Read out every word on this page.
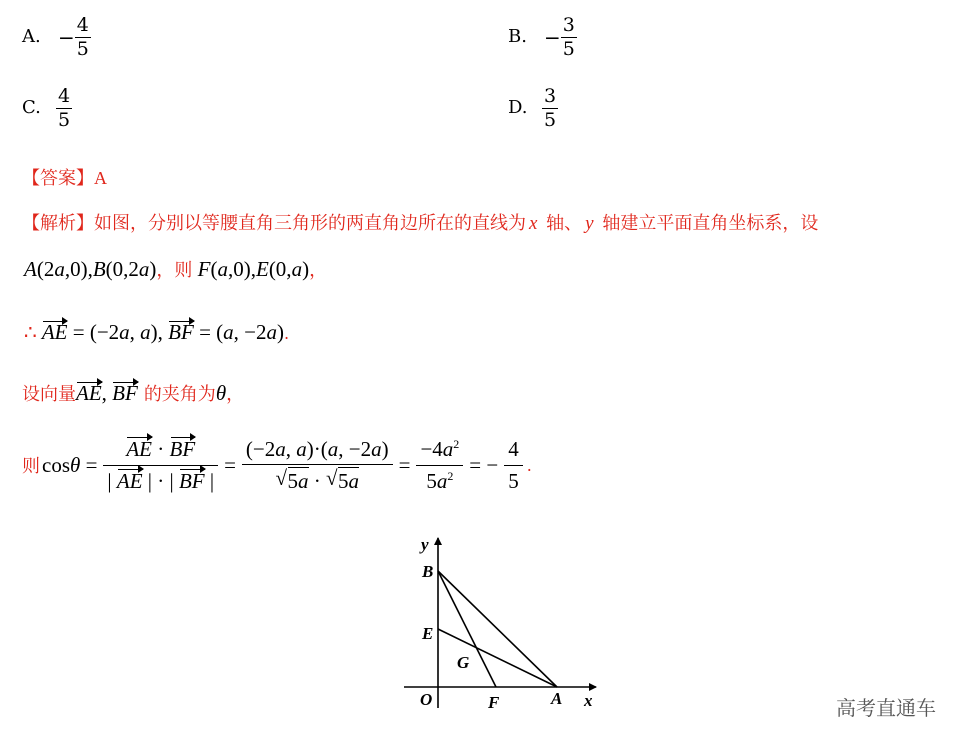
A. − $\frac{4}{5}$	B. − $\frac{3}{5}$
C. $\frac{4}{5}$	D. $\frac{3}{5}$
【答案】A
【解析】如图，分别以等腰直角三角形的两直角边所在的直线为 x 轴、 y 轴建立平面直角坐标系，设
A(2a,0),B(0,2a)，则 F(a,0),E(0,a)，
∴ AE = (−2a, a), BF = (a, −2a).
设向量AE, BF 的夹角为θ，
则 $\cos\theta = \frac{AE \cdot BF}{| AE | \cdot | BF |} = (-2a$, a)·(a, −2a)
√ 5a · √ $5a = \frac{-4a^2}{5a^2}$ = − $\frac{4}{5}$ .
y
B
E
G
O	F	A x	高考直通车
